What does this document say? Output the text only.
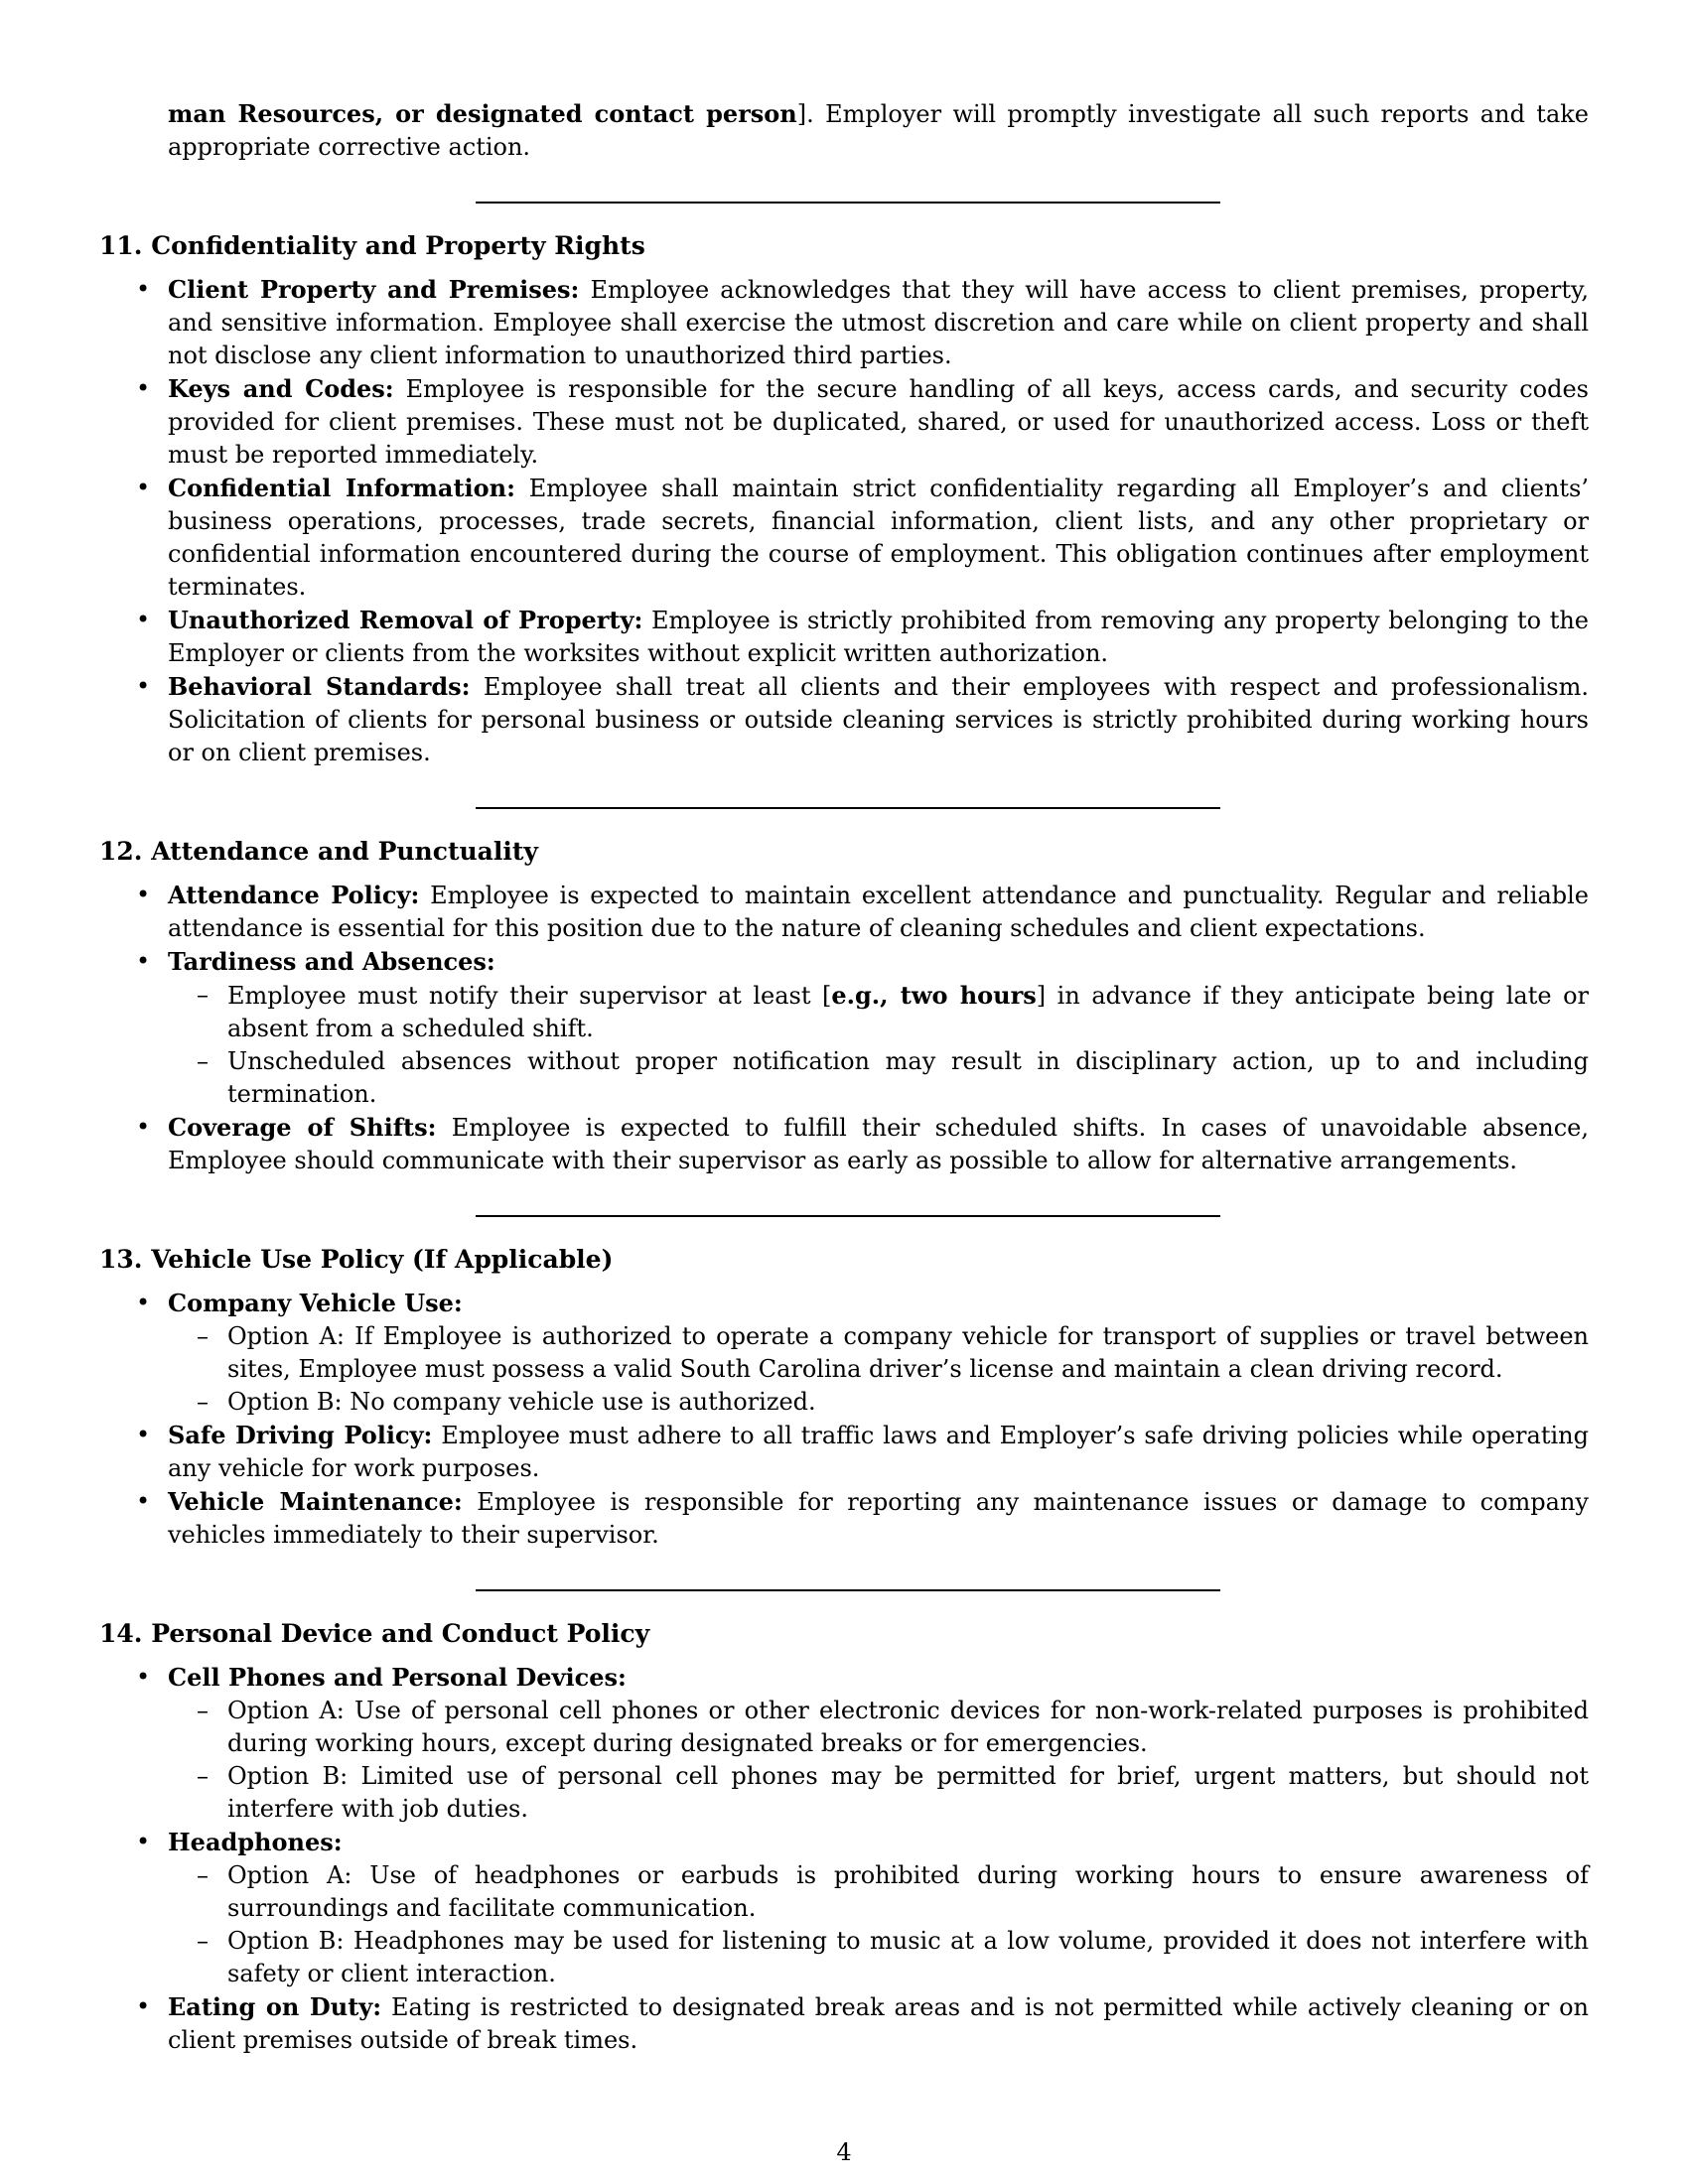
man Resources, or designated contact person]. Employer will promptly investigate all such reports and take appropriate corrective action.

11. Confidentiality and Property Rights
• Client Property and Premises: Employee acknowledges that they will have access to client premises, property, and sensitive information. Employee shall exercise the utmost discretion and care while on client property and shall not disclose any client information to unauthorized third parties.
• Keys and Codes: Employee is responsible for the secure handling of all keys, access cards, and security codes provided for client premises. These must not be duplicated, shared, or used for unauthorized access. Loss or theft must be reported immediately.
• Confidential Information: Employee shall maintain strict confidentiality regarding all Employer’s and clients’ business operations, processes, trade secrets, financial information, client lists, and any other proprietary or confidential information encountered during the course of employment. This obligation continues after employment terminates.
• Unauthorized Removal of Property: Employee is strictly prohibited from removing any property belonging to the Employer or clients from the worksites without explicit written authorization.
• Behavioral Standards: Employee shall treat all clients and their employees with respect and professionalism. Solicitation of clients for personal business or outside cleaning services is strictly prohibited during working hours or on client premises.
12. Attendance and Punctuality
• Attendance Policy: Employee is expected to maintain excellent attendance and punctuality. Regular and reliable attendance is essential for this position due to the nature of cleaning schedules and client expectations.
• Tardiness and Absences:
– Employee must notify their supervisor at least [e.g., two hours] in advance if they anticipate being late or absent from a scheduled shift.
– Unscheduled absences without proper notification may result in disciplinary action, up to and including termination.
• Coverage of Shifts: Employee is expected to fulfill their scheduled shifts. In cases of unavoidable absence, Employee should communicate with their supervisor as early as possible to allow for alternative arrangements.
13. Vehicle Use Policy (If Applicable)
• Company Vehicle Use:
– Option A: If Employee is authorized to operate a company vehicle for transport of supplies or travel between sites, Employee must possess a valid South Carolina driver’s license and maintain a clean driving record.
– Option B: No company vehicle use is authorized.
• Safe Driving Policy: Employee must adhere to all traffic laws and Employer’s safe driving policies while operating any vehicle for work purposes.
• Vehicle Maintenance: Employee is responsible for reporting any maintenance issues or damage to company vehicles immediately to their supervisor.
14. Personal Device and Conduct Policy
• Cell Phones and Personal Devices:
– Option A: Use of personal cell phones or other electronic devices for non-work-related purposes is prohibited during working hours, except during designated breaks or for emergencies.
– Option B: Limited use of personal cell phones may be permitted for brief, urgent matters, but should not interfere with job duties.
• Headphones:
– Option A: Use of headphones or earbuds is prohibited during working hours to ensure awareness of surroundings and facilitate communication.
– Option B: Headphones may be used for listening to music at a low volume, provided it does not interfere with safety or client interaction.
• Eating on Duty: Eating is restricted to designated break areas and is not permitted while actively cleaning or on client premises outside of break times.
4
